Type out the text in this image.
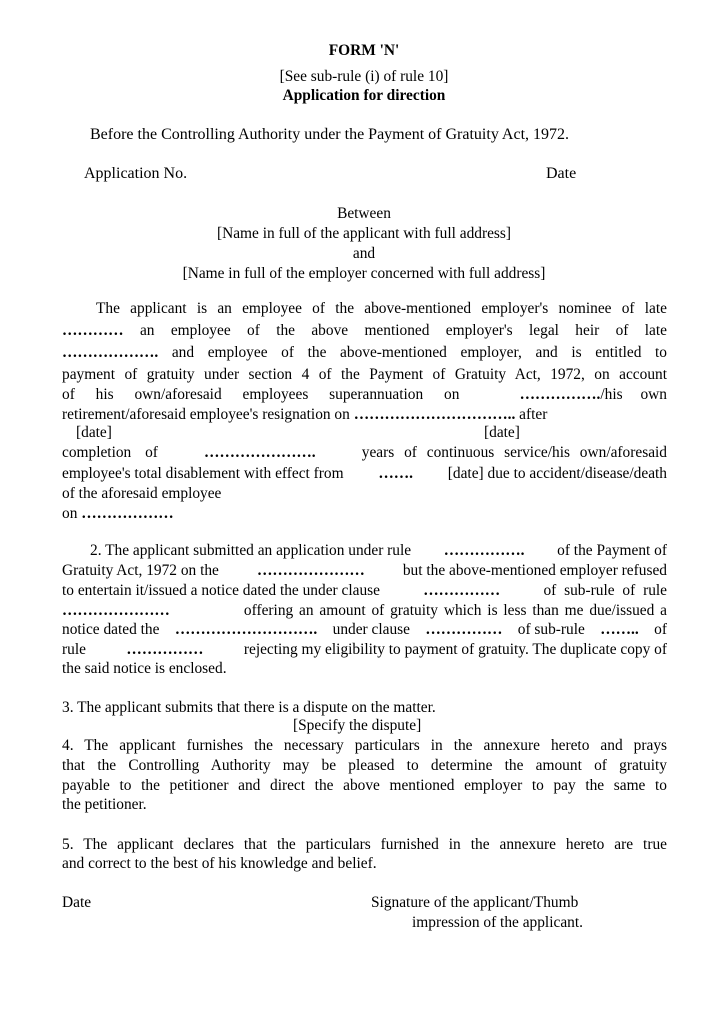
FORM 'N'
[See sub-rule (i) of rule 10]
Application for direction
Before the Controlling Authority under the Payment of Gratuity Act, 1972.
Application No.	Date
Between
[Name in full of the applicant with full address]
and
[Name in full of the employer concerned with full address]
The applicant is an employee of the above-mentioned employer's nominee of late
………… an employee of the above mentioned employer's legal heir of late
………………. and employee of the above-mentioned employer, and is entitled to
payment of gratuity under section 4 of the Payment of Gratuity Act, 1972, on account
of his own/aforesaid employees superannuation on	……………./his own
retirement/aforesaid employee's resignation on ………………………….. after
[date]	[date]
completion of	………………….	years of continuous service/his own/aforesaid
employee's total disablement with effect from ……. [date] due to accident/disease/death
of the aforesaid employee
on ………………
2. The applicant submitted an application under rule ……………. of the Payment of
Gratuity Act, 1972 on the ………………… but the above-mentioned employer refused
to entertain it/issued a notice dated the under clause	……………	of sub-rule of rule
…………………	offering an amount of gratuity which is less than me due/issued a
notice dated the ………………………. under clause …………… of sub-rule …….. of
rule	……………	rejecting my eligibility to payment of gratuity. The duplicate copy of
the said notice is enclosed.
3. The applicant submits that there is a dispute on the matter.
[Specify the dispute]
4. The applicant furnishes the necessary particulars in the annexure hereto and prays
that the Controlling Authority may be pleased to determine the amount of gratuity
payable to the petitioner and direct the above mentioned employer to pay the same to
the petitioner.
5. The applicant declares that the particulars furnished in the annexure hereto are true
and correct to the best of his knowledge and belief.
Date	Signature of the applicant/Thumb
impression of the applicant.
